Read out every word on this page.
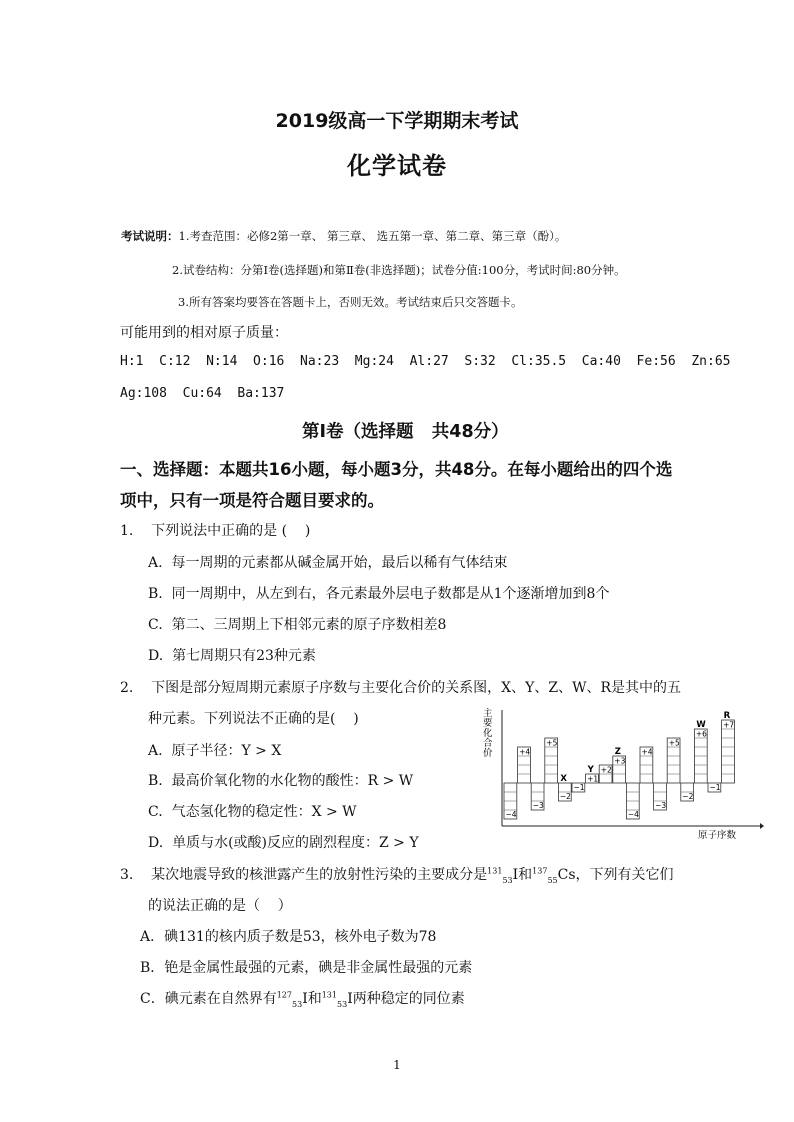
2019级高一下学期期末考试
化学试卷
考试说明：1.考查范围：必修2第一章、 第三章、 选五第一章、第二章、第三章（酚）。
2.试卷结构：分第Ⅰ卷(选择题)和第Ⅱ卷(非选择题)；试卷分值:100分，考试时间:80分钟。
3.所有答案均要答在答题卡上，否则无效。考试结束后只交答题卡。
可能用到的相对原子质量：
H:1  C:12  N:14  O:16  Na:23  Mg:24  Al:27  S:32  Cl:35.5  Ca:40  Fe:56  Zn:65
Ag:108  Cu:64  Ba:137
第Ⅰ卷（选择题   共48分）
一、选择题：本题共16小题，每小题3分，共48分。在每小题给出的四个选
项中，只有一项是符合题目要求的。
1.    下列说法中正确的是 (    )
A.  每一周期的元素都从碱金属开始，最后以稀有气体结束
B.  同一周期中，从左到右，各元素最外层电子数都是从1个逐渐增加到8个
C.  第二、三周期上下相邻元素的原子序数相差8
D.  第七周期只有23种元素
2.    下图是部分短周期元素原子序数与主要化合价的关系图，X、Y、Z、W、R是其中的五
种元素。下列说法不正确的是(    )
A.  原子半径：Y > X
B.  最高价氧化物的水化物的酸性：R > W
C.  气态氢化物的稳定性：X > W
D.  单质与水(或酸)反应的剧烈程度：Z > Y
主要化合价
原子序数
−4
+4
−3
+5
−2
−1
+1
+2
+3
−4
+4
−3
+5
−2
+6
−1
+7
X
Y
Z
W
R
3.    某次地震导致的核泄露产生的放射性污染的主要成分是$^{131}_{53}$I和$^{137}_{55}$Cs，下列有关它们
的说法正确的是（    ）
A．碘131的核内质子数是53，核外电子数为78
B．铯是金属性最强的元素，碘是非金属性最强的元素
C．碘元素在自然界有$^{127}_{53}$I和$^{131}_{53}$I两种稳定的同位素
1
